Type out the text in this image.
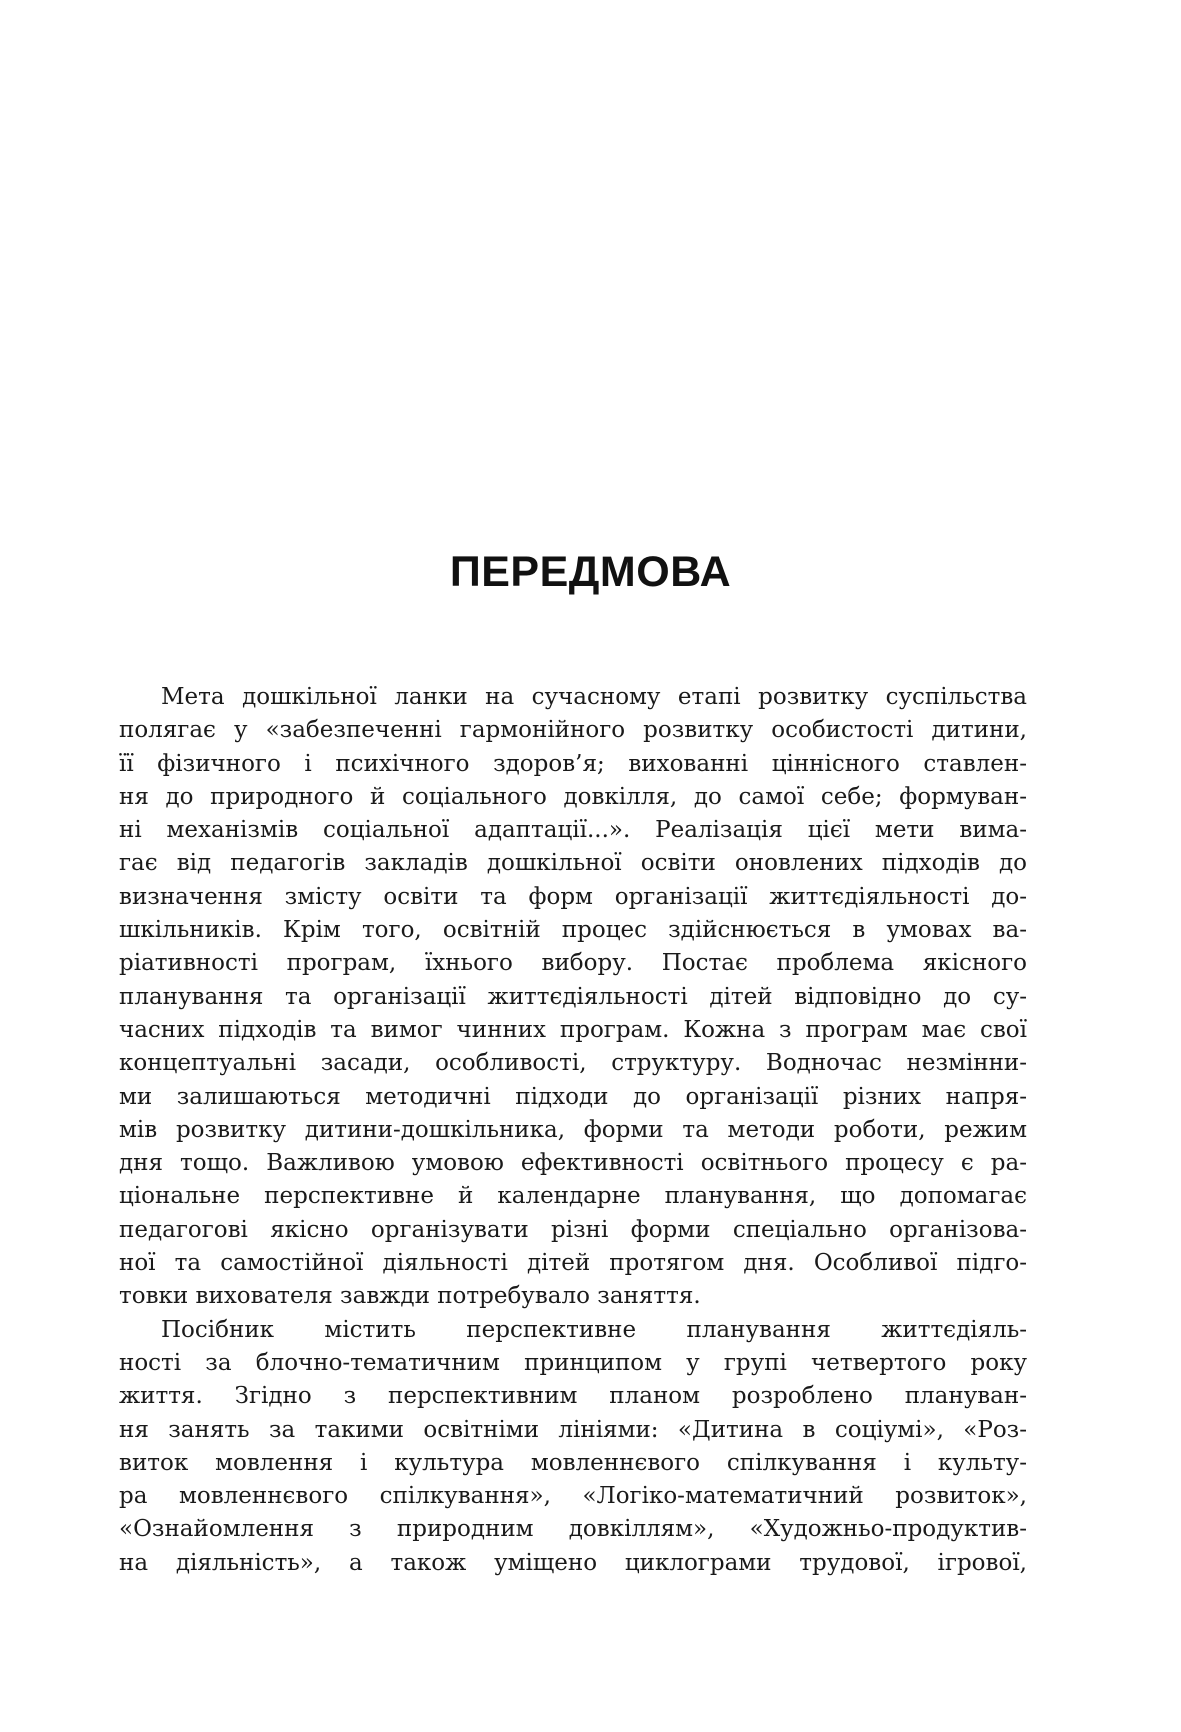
ПЕРЕДМОВА

Мета дошкільної ланки на сучасному етапі розвитку суспільства
полягає у «забезпеченні гармонійного розвитку особистості дитини,
її фізичного і психічного здоров’я; вихованні ціннісного ставлен-
ня до природного й соціального довкілля, до самої себе; формуван-
ні механізмів соціальної адаптації...». Реалізація цієї мети вима-
гає від педагогів закладів дошкільної освіти оновлених підходів до
визначення змісту освіти та форм організації життєдіяльності до-
шкільників. Крім того, освітній процес здійснюється в умовах ва-
ріативності програм, їхнього вибору. Постає проблема якісного
планування та організації життєдіяльності дітей відповідно до су-
часних підходів та вимог чинних програм. Кожна з програм має свої
концептуальні засади, особливості, структуру. Водночас незмінни-
ми залишаються методичні підходи до організації різних напря-
мів розвитку дитини-дошкільника, форми та методи роботи, режим
дня тощо. Важливою умовою ефективності освітнього процесу є ра-
ціональне перспективне й календарне планування, що допомагає
педагогові якісно організувати різні форми спеціально організова-
ної та самостійної діяльності дітей протягом дня. Особливої підго-
товки вихователя завжди потребувало заняття.

Посібник містить перспективне планування життєдіяль-
ності за блочно-тематичним принципом у групі четвертого року
життя. Згідно з перспективним планом розроблено плануван-
ня занять за такими освітніми лініями: «Дитина в соціумі», «Роз-
виток мовлення і культура мовленнєвого спілкування і культу-
ра мовленнєвого спілкування», «Логіко-математичний розвиток»,
«Ознайомлення з природним довкіллям», «Художньо-продуктив-
на діяльність», а також уміщено циклограми трудової, ігрової,
